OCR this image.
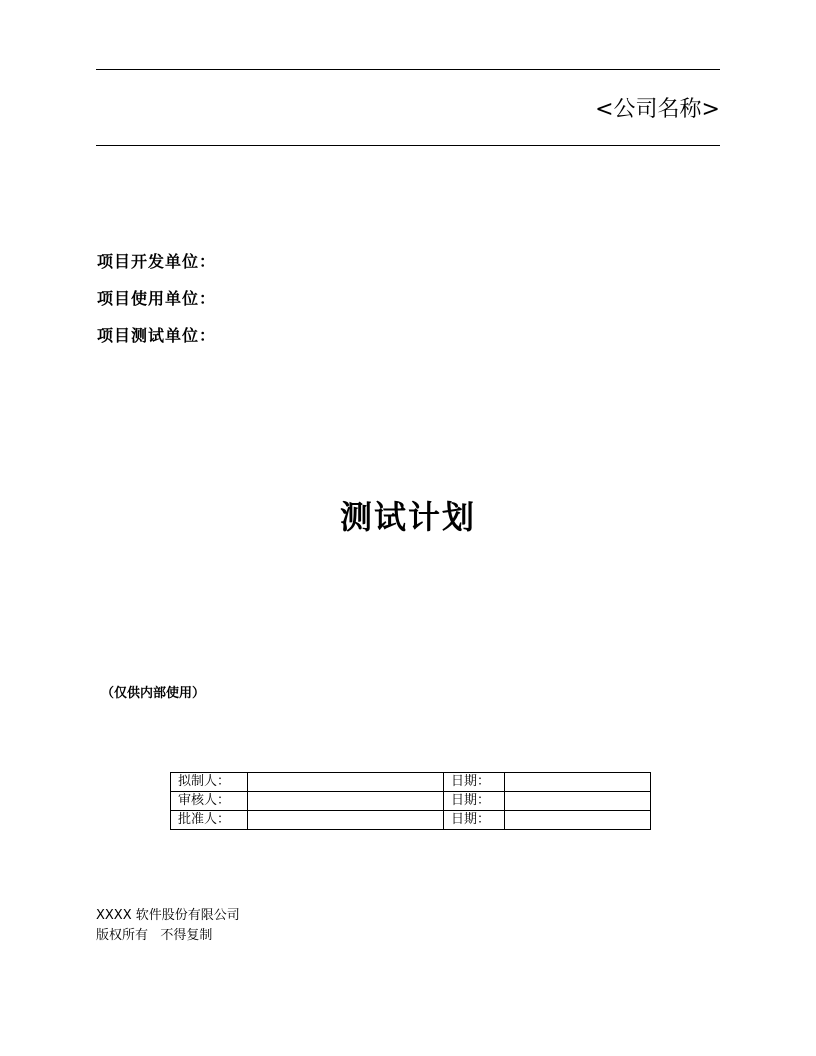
<公司名称>
项目开发单位：
项目使用单位：
项目测试单位：
测试计划
（仅供内部使用）
拟制人：		日期：	
审核人：		日期：	
批准人：		日期：	
XXXX 软件股份有限公司
版权所有   不得复制
